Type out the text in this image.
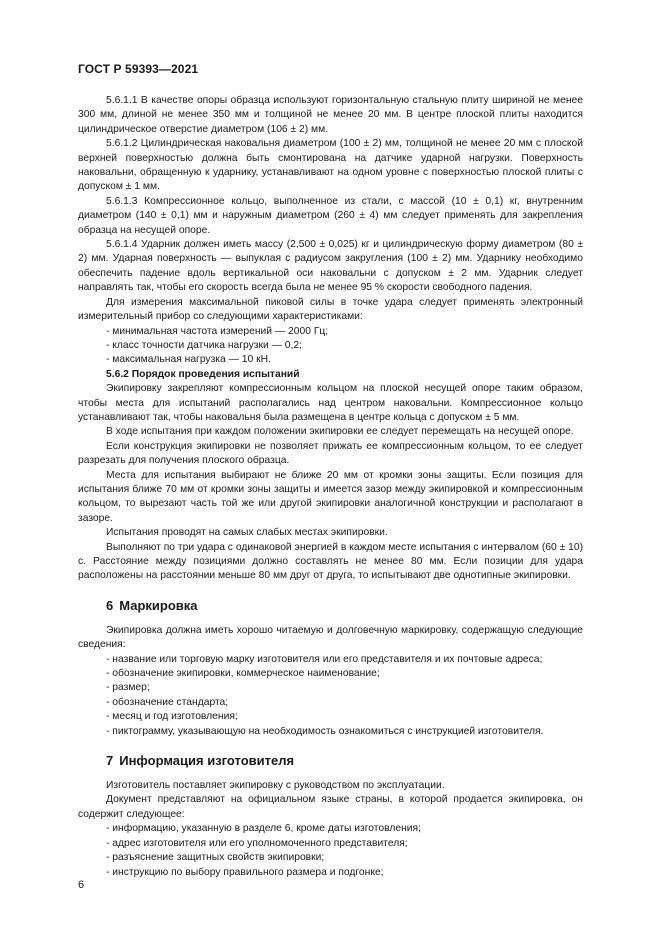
ГОСТ Р 59393—2021

5.6.1.1 В качестве опоры образца используют горизонтальную стальную плиту шириной не менее 300 мм, длиной не менее 350 мм и толщиной не менее 20 мм. В центре плоской плиты находится цилиндрическое отверстие диаметром (106 ± 2) мм.

5.6.1.2 Цилиндрическая наковальня диаметром (100 ± 2) мм, толщиной не менее 20 мм с плоской верхней поверхностью должна быть смонтирована на датчике ударной нагрузки. Поверхность наковальни, обращенную к ударнику, устанавливают на одном уровне с поверхностью плоской плиты с допуском ± 1 мм.

5.6.1.3 Компрессионное кольцо, выполненное из стали, с массой (10 ± 0,1) кг, внутренним диаметром (140 ± 0,1) мм и наружным диаметром (260 ± 4) мм следует применять для закрепления образца на несущей опоре.

5.6.1.4 Ударник должен иметь массу (2,500 ± 0,025) кг и цилиндрическую форму диаметром (80 ± 2) мм. Ударная поверхность — выпуклая с радиусом закругления (100 ± 2) мм. Ударнику необходимо обеспечить падение вдоль вертикальной оси наковальни с допуском ± 2 мм. Ударник следует направлять так, чтобы его скорость всегда была не менее 95 % скорости свободного падения.

Для измерения максимальной пиковой силы в точке удара следует применять электронный измерительный прибор со следующими характеристиками:

- минимальная частота измерений — 2000 Гц;

- класс точности датчика нагрузки — 0,2;

- максимальная нагрузка — 10 кН.

5.6.2 Порядок проведения испытаний

Экипировку закрепляют компрессионным кольцом на плоской несущей опоре таким образом, чтобы места для испытаний располагались над центром наковальни. Компрессионное кольцо устанавливают так, чтобы наковальня была размещена в центре кольца с допуском ± 5 мм.

В ходе испытания при каждом положении экипировки ее следует перемещать на несущей опоре.

Если конструкция экипировки не позволяет прижать ее компрессионным кольцом, то ее следует разрезать для получения плоского образца.

Места для испытания выбирают не ближе 20 мм от кромки зоны защиты. Если позиция для испытания ближе 70 мм от кромки зоны защиты и имеется зазор между экипировкой и компрессионным кольцом, то вырезают часть той же или другой экипировки аналогичной конструкции и располагают в зазоре.

Испытания проводят на самых слабых местах экипировки.

Выполняют по три удара с одинаковой энергией в каждом месте испытания с интервалом (60 ± 10) с. Расстояние между позициями должно составлять не менее 80 мм. Если позиции для удара расположены на расстоянии меньше 80 мм друг от друга, то испытывают две однотипные экипировки.

6 Маркировка

Экипировка должна иметь хорошо читаемую и долговечную маркировку, содержащую следующие сведения:

- название или торговую марку изготовителя или его представителя и их почтовые адреса;

- обозначение экипировки, коммерческое наименование;

- размер;

- обозначение стандарта;

- месяц и год изготовления;

- пиктограмму, указывающую на необходимость ознакомиться с инструкцией изготовителя.

7 Информация изготовителя

Изготовитель поставляет экипировку с руководством по эксплуатации.

Документ представляют на официальном языке страны, в которой продается экипировка, он содержит следующее:

- информацию, указанную в разделе 6, кроме даты изготовления;

- адрес изготовителя или его уполномоченного представителя;

- разъяснение защитных свойств экипировки;

- инструкцию по выбору правильного размера и подгонке;

6
